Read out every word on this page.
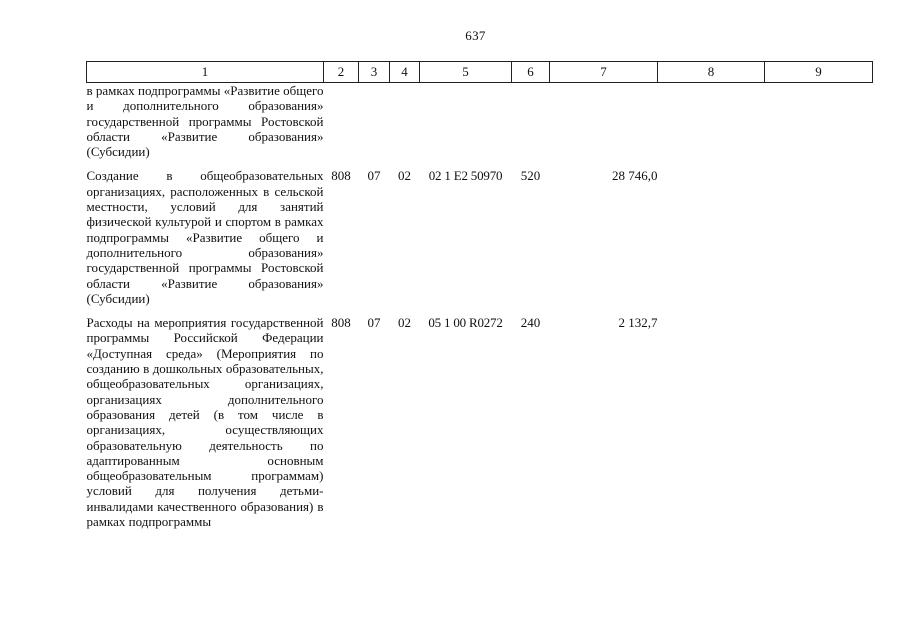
637
1	2	3	4	5	6	7	8	9
в рамках подпрограммы «Развитие общего и дополнительного образования» государственной программы Ростовской области «Развитие образования» (Субсидии)								
Создание в общеобразовательных организациях, расположенных в сельской местности, условий для занятий физической культурой и спортом в рамках подпрограммы «Развитие общего и дополнительного образования» государственной программы Ростовской области «Развитие образования» (Субсидии)	808	07	02	02 1 E2 50970	520	28 746,0		
Расходы на мероприятия государственной программы Российской Федерации «Доступная среда» (Мероприятия по созданию в дошкольных образовательных, общеобразовательных организациях, организациях дополнительного образования детей (в том числе в организациях, осуществляющих образовательную деятельность по адаптированным основным общеобразовательным программам) условий для получения детьми-инвалидами качественного образования) в рамках подпрограммы	808	07	02	05 1 00 R0272	240	2 132,7		
